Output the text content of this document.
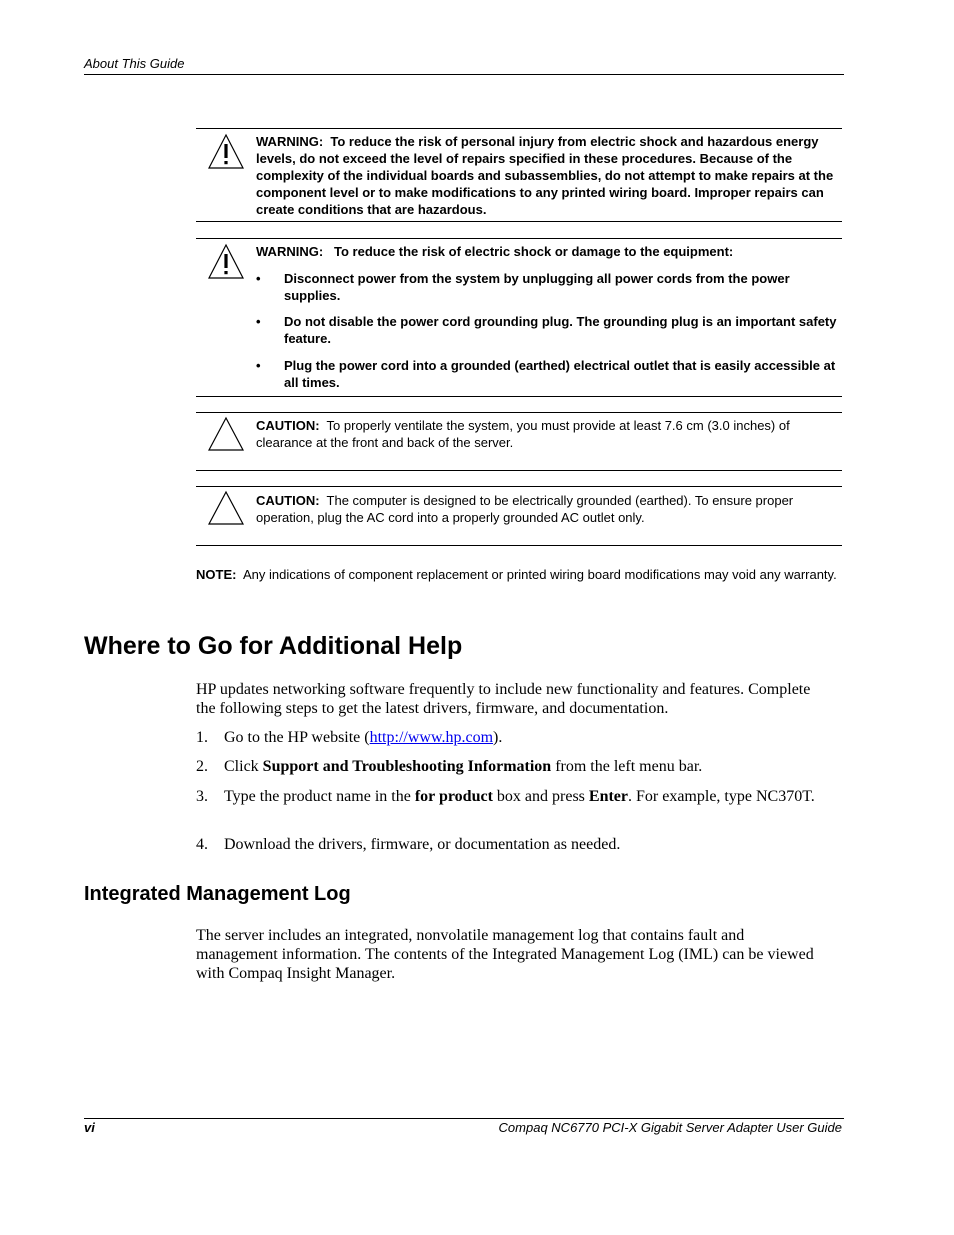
About This Guide
WARNING: To reduce the risk of personal injury from electric shock and hazardous energy levels, do not exceed the level of repairs specified in these procedures. Because of the complexity of the individual boards and subassemblies, do not attempt to make repairs at the component level or to make modifications to any printed wiring board. Improper repairs can create conditions that are hazardous.
WARNING: To reduce the risk of electric shock or damage to the equipment:
•	Disconnect power from the system by unplugging all power cords from the power supplies.
•	Do not disable the power cord grounding plug. The grounding plug is an important safety feature.
•	Plug the power cord into a grounded (earthed) electrical outlet that is easily accessible at all times.
CAUTION: To properly ventilate the system, you must provide at least 7.6 cm (3.0 inches) of clearance at the front and back of the server.
CAUTION: The computer is designed to be electrically grounded (earthed). To ensure proper operation, plug the AC cord into a properly grounded AC outlet only.
NOTE: Any indications of component replacement or printed wiring board modifications may void any warranty.
Where to Go for Additional Help
HP updates networking software frequently to include new functionality and features. Complete the following steps to get the latest drivers, firmware, and documentation.
1. Go to the HP website (http://www.hp.com).
2. Click Support and Troubleshooting Information from the left menu bar.
3. Type the product name in the for product box and press Enter. For example, type NC370T.
4. Download the drivers, firmware, or documentation as needed.
Integrated Management Log
The server includes an integrated, nonvolatile management log that contains fault and management information. The contents of the Integrated Management Log (IML) can be viewed with Compaq Insight Manager.
vi	Compaq NC6770 PCI-X Gigabit Server Adapter User Guide
